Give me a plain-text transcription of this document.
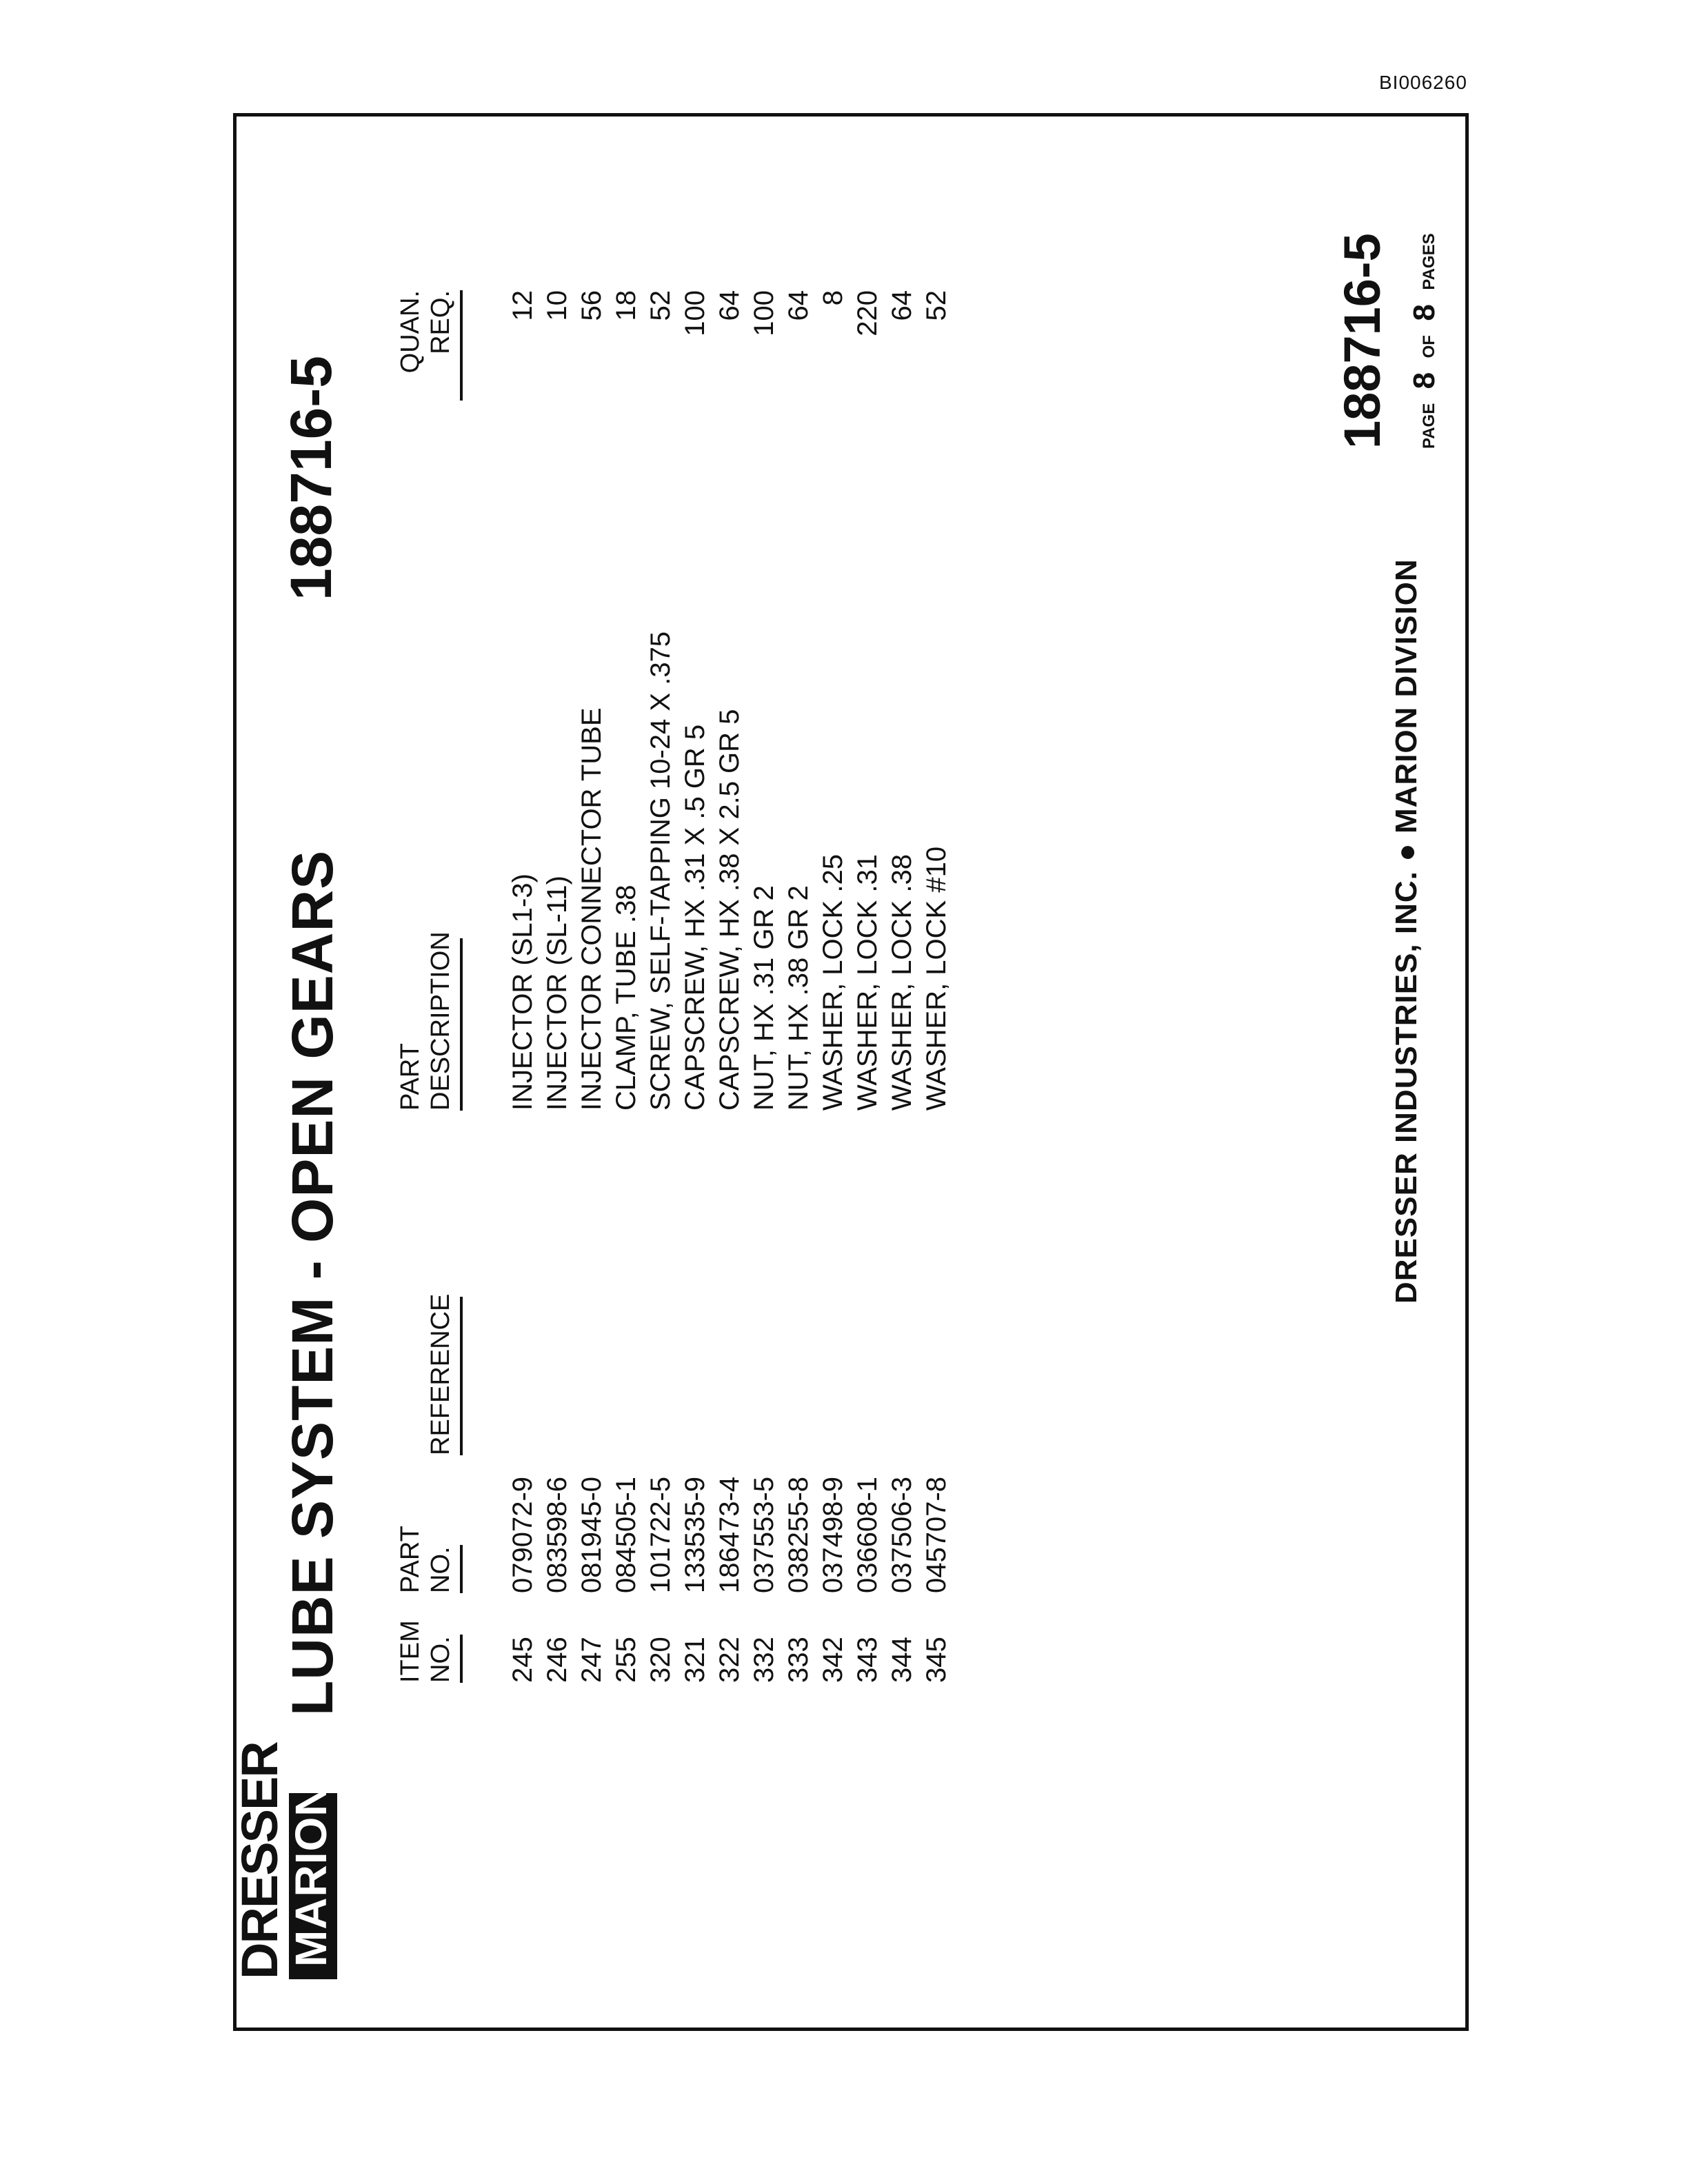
BI006260
DRESSER
MARION
LUBE SYSTEM - OPEN GEARS
188716-5
ITEM NO.
PART NO.
REFERENCE
PART DESCRIPTION
QUAN. REQ.
245
079072-9
INJECTOR (SL1-3)
12
246
083598-6
INJECTOR (SL-11)
10
247
081945-0
INJECTOR CONNECTOR TUBE
56
255
084505-1
CLAMP, TUBE .38
18
320
101722-5
SCREW, SELF-TAPPING 10-24 X .375
52
321
133535-9
CAPSCREW, HX .31 X .5 GR 5
100
322
186473-4
CAPSCREW, HX .38 X 2.5 GR 5
64
332
037553-5
NUT, HX .31 GR 2
100
333
038255-8
NUT, HX .38 GR 2
64
342
037498-9
WASHER, LOCK .25
8
343
036608-1
WASHER, LOCK .31
220
344
037506-3
WASHER, LOCK .38
64
345
045707-8
WASHER, LOCK #10
52
DRESSER INDUSTRIES, INC. ● MARION DIVISION
188716-5	PAGE 8 OF 8 PAGES
